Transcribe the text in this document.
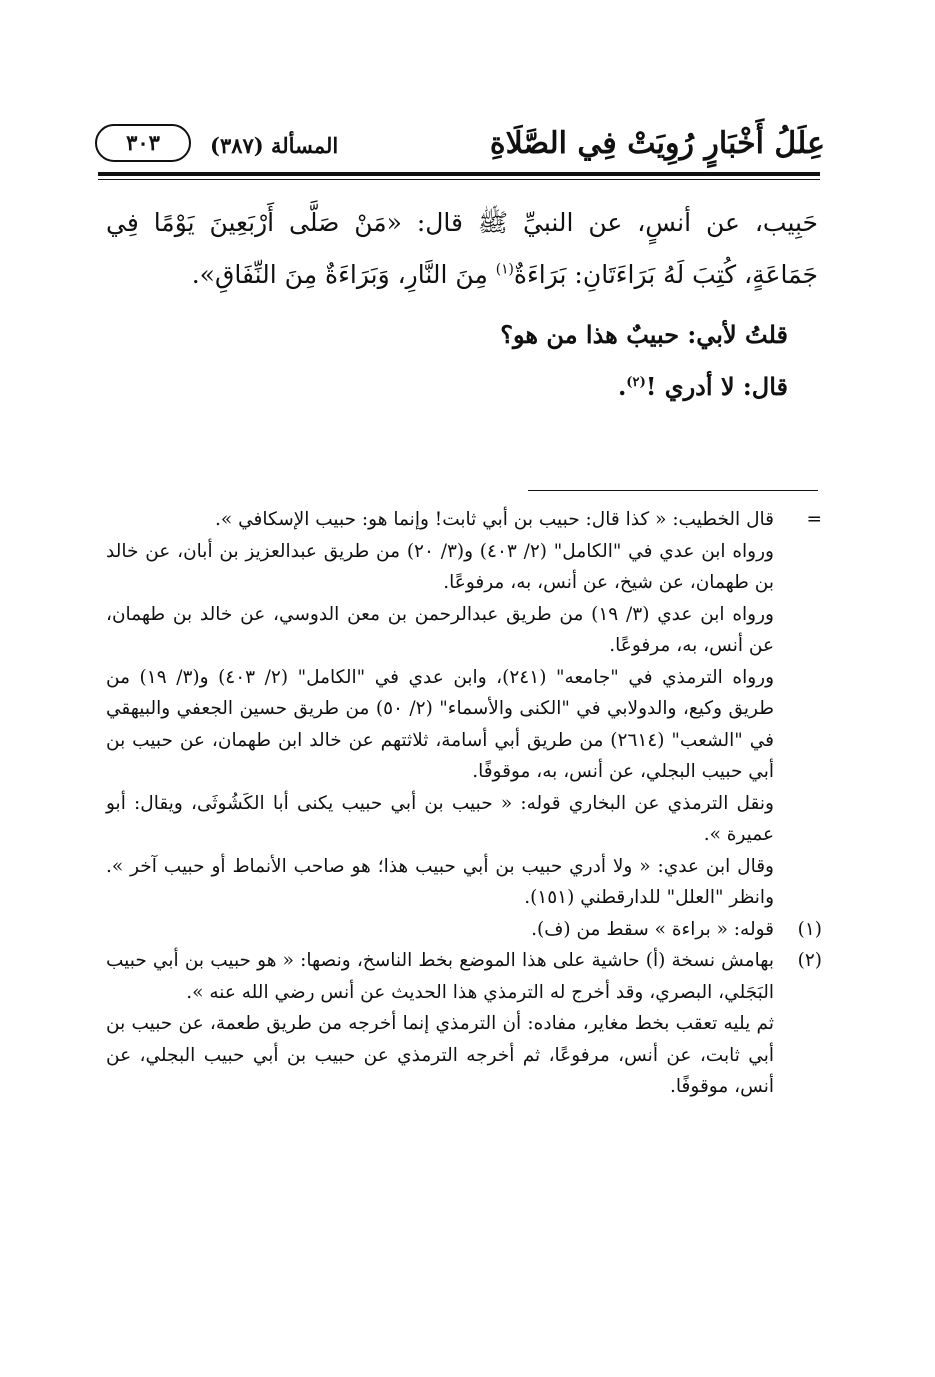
عِلَلُ أَخْبَارٍ رُوِيَتْ فِي الصَّلَاةِ
المسألة (٣٨٧)
٣٠٣

حَبِيب، عن أنسٍ، عن النبيِّ ﷺ قال: «مَنْ صَلَّى أَرْبَعِينَ يَوْمًا فِي جَمَاعَةٍ، كُتِبَ لَهُ بَرَاءَتَانِ: بَرَاءَةٌ$^{(١)}$ مِنَ النَّارِ، وَبَرَاءَةٌ مِنَ النِّفَاقِ».

قلتُ لأبي: حبيبٌ هذا من هو؟

قال: لا أدري !$^{(٢)}$.

=

قال الخطيب: « كذا قال: حبيب بن أبي ثابت! وإنما هو: حبيب الإسكافي ».

ورواه ابن عدي في "الكامل" (٢/ ٤٠٣) و(٣/ ٢٠) من طريق عبدالعزيز بن أبان، عن خالد بن طهمان، عن شيخ، عن أنس، به، مرفوعًا.

ورواه ابن عدي (٣/ ١٩) من طريق عبدالرحمن بن معن الدوسي، عن خالد بن طهمان، عن أنس، به، مرفوعًا.

ورواه الترمذي في "جامعه" (٢٤١)، وابن عدي في "الكامل" (٢/ ٤٠٣) و(٣/ ١٩) من طريق وكيع، والدولابي في "الكنى والأسماء" (٢/ ٥٠) من طريق حسين الجعفي والبيهقي في "الشعب" (٢٦١٤) من طريق أبي أسامة، ثلاثتهم عن خالد ابن طهمان، عن حبيب بن أبي حبيب البجلي، عن أنس، به، موقوفًا.

ونقل الترمذي عن البخاري قوله: « حبيب بن أبي حبيب يكنى أبا الكَشُوثَى، ويقال: أبو عميرة ».

وقال ابن عدي: « ولا أدري حبيب بن أبي حبيب هذا؛ هو صاحب الأنماط أو حبيب آخر ». وانظر "العلل" للدارقطني (١٥١).

(١)

قوله: « براءة » سقط من (ف).

(٢)

بهامش نسخة (أ) حاشية على هذا الموضع بخط الناسخ، ونصها: « هو حبيب بن أبي حبيب البَجَلي، البصري، وقد أخرج له الترمذي هذا الحديث عن أنس رضي الله عنه ».

ثم يليه تعقب بخط مغاير، مفاده: أن الترمذي إنما أخرجه من طريق طعمة، عن حبيب بن أبي ثابت، عن أنس، مرفوعًا، ثم أخرجه الترمذي عن حبيب بن أبي حبيب البجلي، عن أنس، موقوفًا.
